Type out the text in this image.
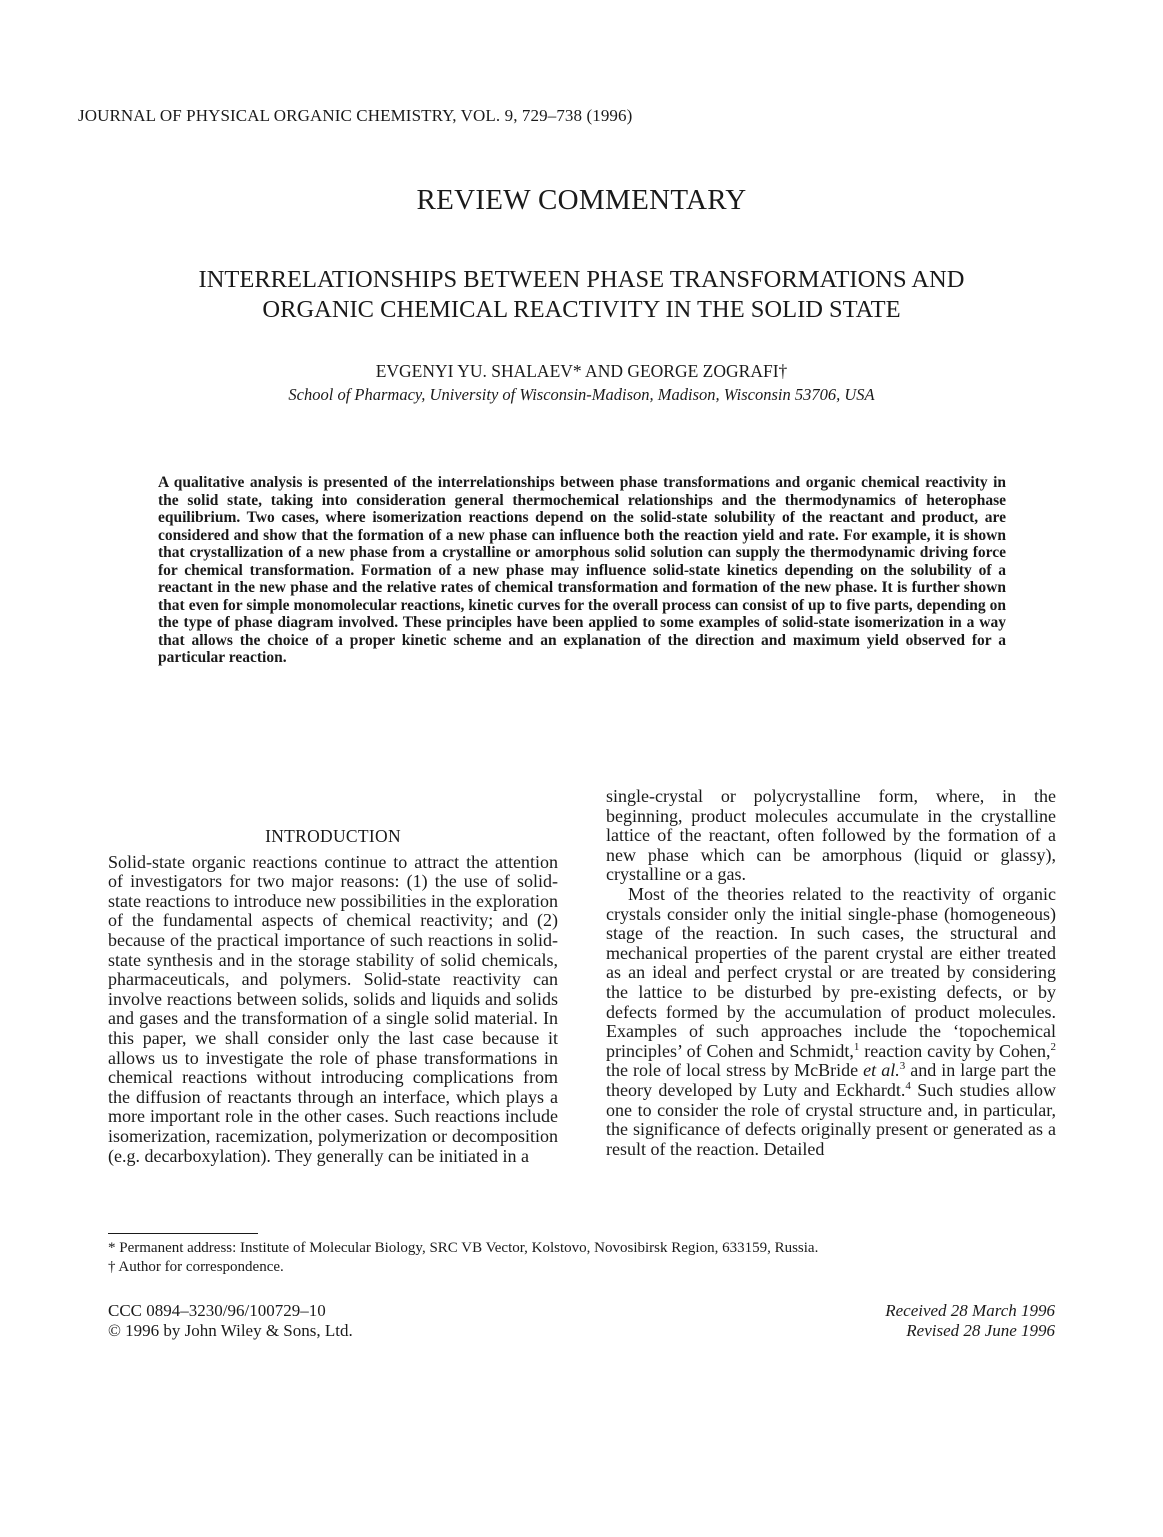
JOURNAL OF PHYSICAL ORGANIC CHEMISTRY, VOL. 9, 729–738 (1996)
REVIEW COMMENTARY
INTERRELATIONSHIPS BETWEEN PHASE TRANSFORMATIONS AND
ORGANIC CHEMICAL REACTIVITY IN THE SOLID STATE
EVGENYI YU. SHALAEV* AND GEORGE ZOGRAFI†
School of Pharmacy, University of Wisconsin-Madison, Madison, Wisconsin 53706, USA
A qualitative analysis is presented of the interrelationships between phase transformations and organic chemical reactivity in the solid state, taking into consideration general thermochemical relationships and the thermodynamics of heterophase equilibrium. Two cases, where isomerization reactions depend on the solid-state solubility of the reactant and product, are considered and show that the formation of a new phase can influence both the reaction yield and rate. For example, it is shown that crystallization of a new phase from a crystalline or amorphous solid solution can supply the thermodynamic driving force for chemical transformation. Formation of a new phase may influence solid-state kinetics depending on the solubility of a reactant in the new phase and the relative rates of chemical transformation and formation of the new phase. It is further shown that even for simple monomolecular reactions, kinetic curves for the overall process can consist of up to five parts, depending on the type of phase diagram involved. These principles have been applied to some examples of solid-state isomerization in a way that allows the choice of a proper kinetic scheme and an explanation of the direction and maximum yield observed for a particular reaction.
INTRODUCTION

Solid-state organic reactions continue to attract the attention of investigators for two major reasons: (1) the use of solid-state reactions to introduce new possibilities in the exploration of the fundamental aspects of chemical reactivity; and (2) because of the practical importance of such reactions in solid-state synthesis and in the storage stability of solid chemicals, pharmaceuticals, and polymers. Solid-state reactivity can involve reactions between solids, solids and liquids and solids and gases and the transformation of a single solid material. In this paper, we shall consider only the last case because it allows us to investigate the role of phase transformations in chemical reactions without introducing complications from the diffusion of reactants through an interface, which plays a more important role in the other cases. Such reactions include isomerization, racemization, polymerization or decomposition (e.g. decarboxylation). They generally can be initiated in a

single-crystal or polycrystalline form, where, in the beginning, product molecules accumulate in the crystalline lattice of the reactant, often followed by the formation of a new phase which can be amorphous (liquid or glassy), crystalline or a gas.

Most of the theories related to the reactivity of organic crystals consider only the initial single-phase (homogeneous) stage of the reaction. In such cases, the structural and mechanical properties of the parent crystal are either treated as an ideal and perfect crystal or are treated by considering the lattice to be disturbed by pre-existing defects, or by defects formed by the accumulation of product molecules. Examples of such approaches include the ‘topochemical principles’ of Cohen and Schmidt,$^1$ reaction cavity by Cohen,$^2$ the role of local stress by McBride et al.$^3$ and in large part the theory developed by Luty and Eckhardt.$^4$ Such studies allow one to consider the role of crystal structure and, in particular, the significance of defects originally present or generated as a result of the reaction. Detailed

* Permanent address: Institute of Molecular Biology, SRC VB Vector, Kolstovo, Novosibirsk Region, 633159, Russia.
† Author for correspondence.
CCC 0894–3230/96/100729–10
© 1996 by John Wiley & Sons, Ltd.
Received 28 March 1996
Revised 28 June 1996
